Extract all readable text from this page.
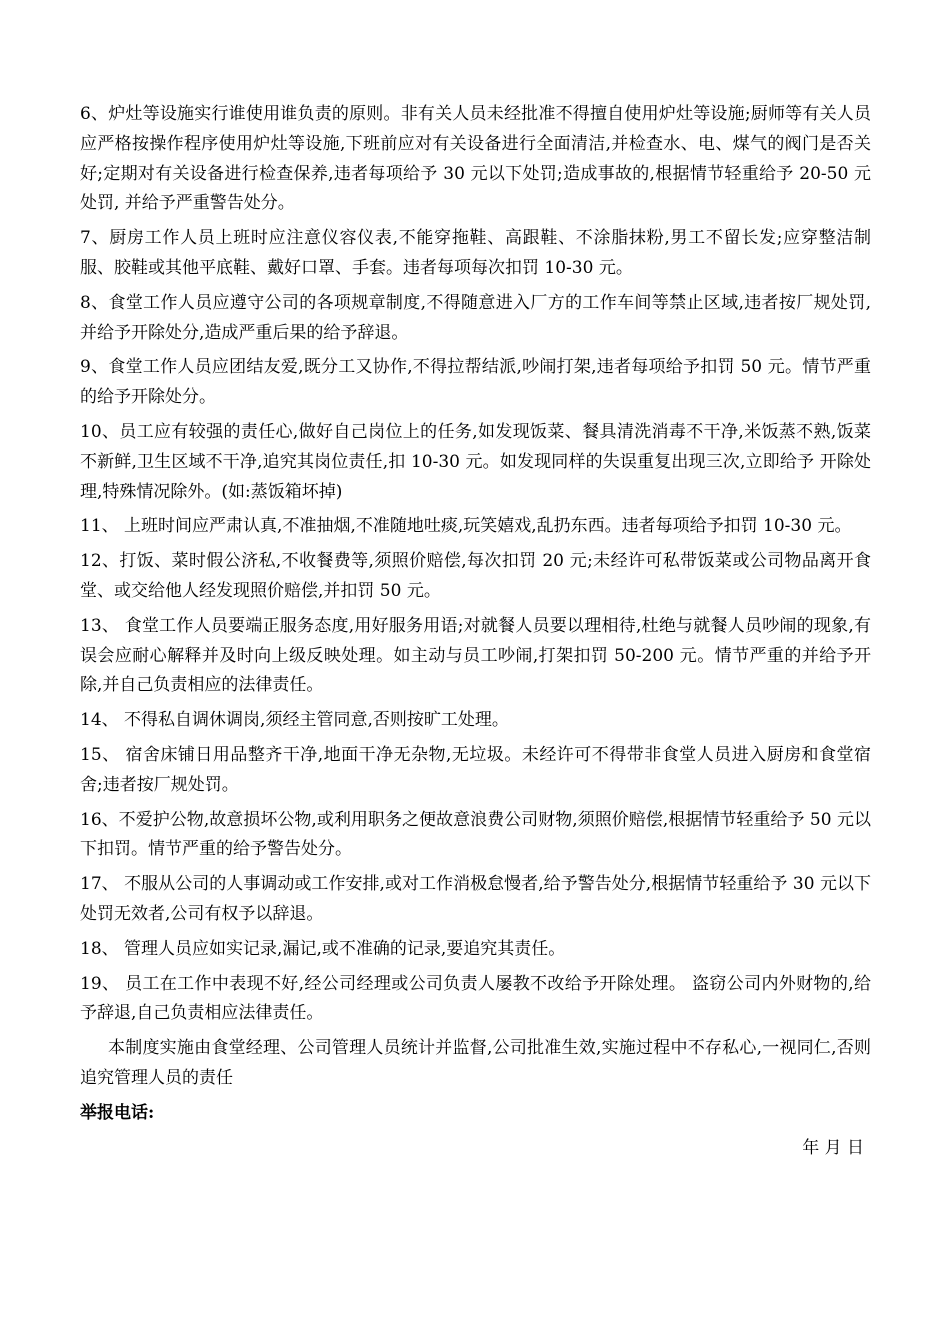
6、炉灶等设施实行谁使用谁负责的原则。非有关人员未经批准不得擅自使用炉灶等设施;厨师等有关人员应严格按操作程序使用炉灶等设施,下班前应对有关设备进行全面清洁,并检查水、电、煤气的阀门是否关好;定期对有关设备进行检查保养,违者每项给予 30 元以下处罚;造成事故的,根据情节轻重给予 20-50 元处罚, 并给予严重警告处分。

7、厨房工作人员上班时应注意仪容仪表,不能穿拖鞋、高跟鞋、不涂脂抹粉,男工不留长发;应穿整洁制服、胶鞋或其他平底鞋、戴好口罩、手套。违者每项每次扣罚 10-30 元。

8、食堂工作人员应遵守公司的各项规章制度,不得随意进入厂方的工作车间等禁止区域,违者按厂规处罚,并给予开除处分,造成严重后果的给予辞退。

9、食堂工作人员应团结友爱,既分工又协作,不得拉帮结派,吵闹打架,违者每项给予扣罚 50 元。情节严重的给予开除处分。

10、员工应有较强的责任心,做好自己岗位上的任务,如发现饭菜、餐具清洗消毒不干净,米饭蒸不熟,饭菜不新鲜,卫生区域不干净,追究其岗位责任,扣 10-30 元。如发现同样的失误重复出现三次,立即给予 开除处理,特殊情况除外。(如:蒸饭箱坏掉)

11、 上班时间应严肃认真,不准抽烟,不准随地吐痰,玩笑嬉戏,乱扔东西。违者每项给予扣罚 10-30 元。

12、打饭、菜时假公济私,不收餐费等,须照价赔偿,每次扣罚 20 元;未经许可私带饭菜或公司物品离开食堂、或交给他人经发现照价赔偿,并扣罚 50 元。

13、 食堂工作人员要端正服务态度,用好服务用语;对就餐人员要以理相待,杜绝与就餐人员吵闹的现象,有误会应耐心解释并及时向上级反映处理。如主动与员工吵闹,打架扣罚 50-200 元。情节严重的并给予开除,并自己负责相应的法律责任。

14、 不得私自调休调岗,须经主管同意,否则按旷工处理。

15、 宿舍床铺日用品整齐干净,地面干净无杂物,无垃圾。未经许可不得带非食堂人员进入厨房和食堂宿舍;违者按厂规处罚。

16、不爱护公物,故意损坏公物,或利用职务之便故意浪费公司财物,须照价赔偿,根据情节轻重给予 50 元以下扣罚。情节严重的给予警告处分。

17、 不服从公司的人事调动或工作安排,或对工作消极怠慢者,给予警告处分,根据情节轻重给予 30 元以下处罚无效者,公司有权予以辞退。

18、 管理人员应如实记录,漏记,或不准确的记录,要追究其责任。

19、 员工在工作中表现不好,经公司经理或公司负责人屡教不改给予开除处理。 盗窃公司内外财物的,给予辞退,自己负责相应法律责任。

本制度实施由食堂经理、公司管理人员统计并监督,公司批准生效,实施过程中不存私心,一视同仁,否则追究管理人员的责任

举报电话:

年 月 日
